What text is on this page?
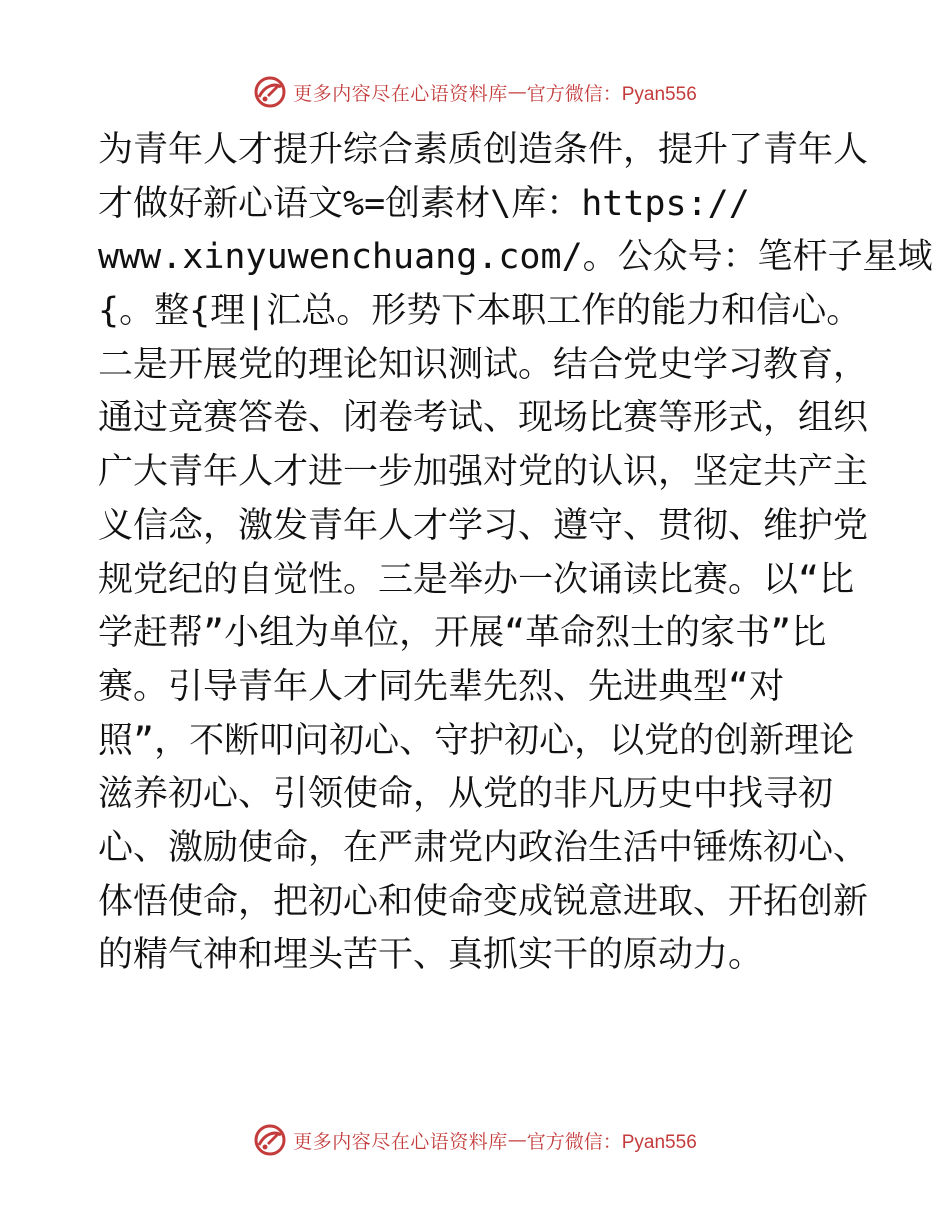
更多内容尽在心语资料库 — 官方微信：Pyan556
为青年人才提升综合素质创造条件，提升了青年人
才做好新心语文%=创素材\库：https://
www.xinyuwenchuang.com/。公众号：笔杆子星域
{。整{理|汇总。形势下本职工作的能力和信心。
二是开展党的理论知识测试。结合党史学习教育，
通过竞赛答卷、闭卷考试、现场比赛等形式，组织
广大青年人才进一步加强对党的认识，坚定共产主
义信念，激发青年人才学习、遵守、贯彻、维护党
规党纪的自觉性。三是举办一次诵读比赛。以“比
学赶帮”小组为单位，开展“革命烈士的家书”比
赛。引导青年人才同先辈先烈、先进典型“对
照”，不断叩问初心、守护初心，以党的创新理论
滋养初心、引领使命，从党的非凡历史中找寻初
心、激励使命，在严肃党内政治生活中锤炼初心、
体悟使命，把初心和使命变成锐意进取、开拓创新
的精气神和埋头苦干、真抓实干的原动力。
更多内容尽在心语资料库 — 官方微信：Pyan556
